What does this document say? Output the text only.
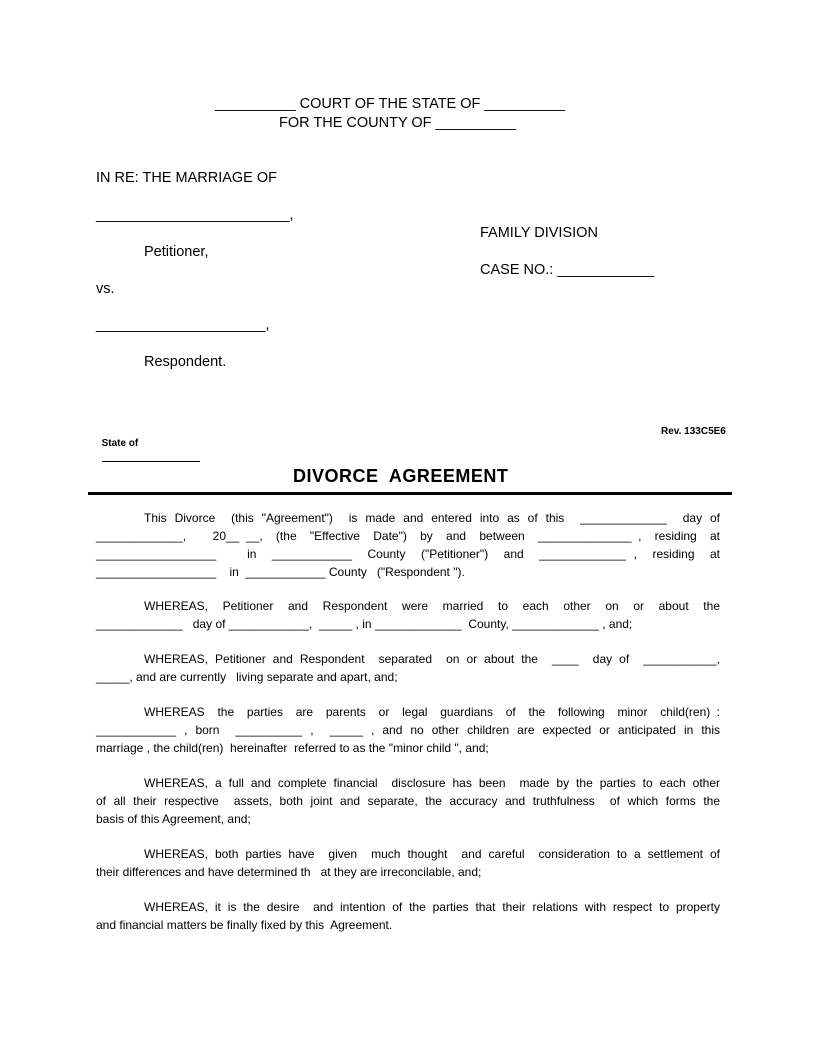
__________ COURT OF THE STATE OF __________
FOR THE COUNTY OF __________
IN RE: THE MARRIAGE OF
________________________,
Petitioner,
vs.
_____________________,
Respondent.
FAMILY DIVISION
CASE NO.: ____________

State of

Rev. 133C5E6
DIVORCE  AGREEMENT
This Divorce  (this "Agreement")  is made and entered into as of this  _____________  day of
_____________,    20__ __,  (the  "Effective  Date")  by  and  between  ______________ ,  residing  at
__________________    in  ____________  County  ("Petitioner")  and  _____________ ,  residing  at
__________________    in  ____________ County   ("Respondent ").
WHEREAS,  Petitioner  and  Respondent  were  married  to  each  other  on  or  about  the
_____________   day of ____________,  _____ , in _____________  County, _____________ , and;
WHEREAS, Petitioner and Respondent  separated  on or about the  ____  day of  ___________,
_____, and are currently   living separate and apart, and;
WHEREAS  the  parties  are  parents  or  legal  guardians  of  the  following  minor  child(ren) :
____________ , born  __________ ,  _____ , and no other children are expected or anticipated in this
marriage , the child(ren)  hereinafter  referred to as the "minor child ", and;
WHEREAS, a full and complete financial  disclosure has been  made by the parties to each other
of all their respective  assets, both joint and separate, the accuracy and truthfulness  of which forms the
basis of this Agreement, and;
WHEREAS, both parties have  given  much thought  and careful  consideration to a settlement of
their differences and have determined th   at they are irreconcilable, and;
WHEREAS, it is the desire  and intention of the parties that their relations with respect to property
and financial matters be finally fixed by this  Agreement.
